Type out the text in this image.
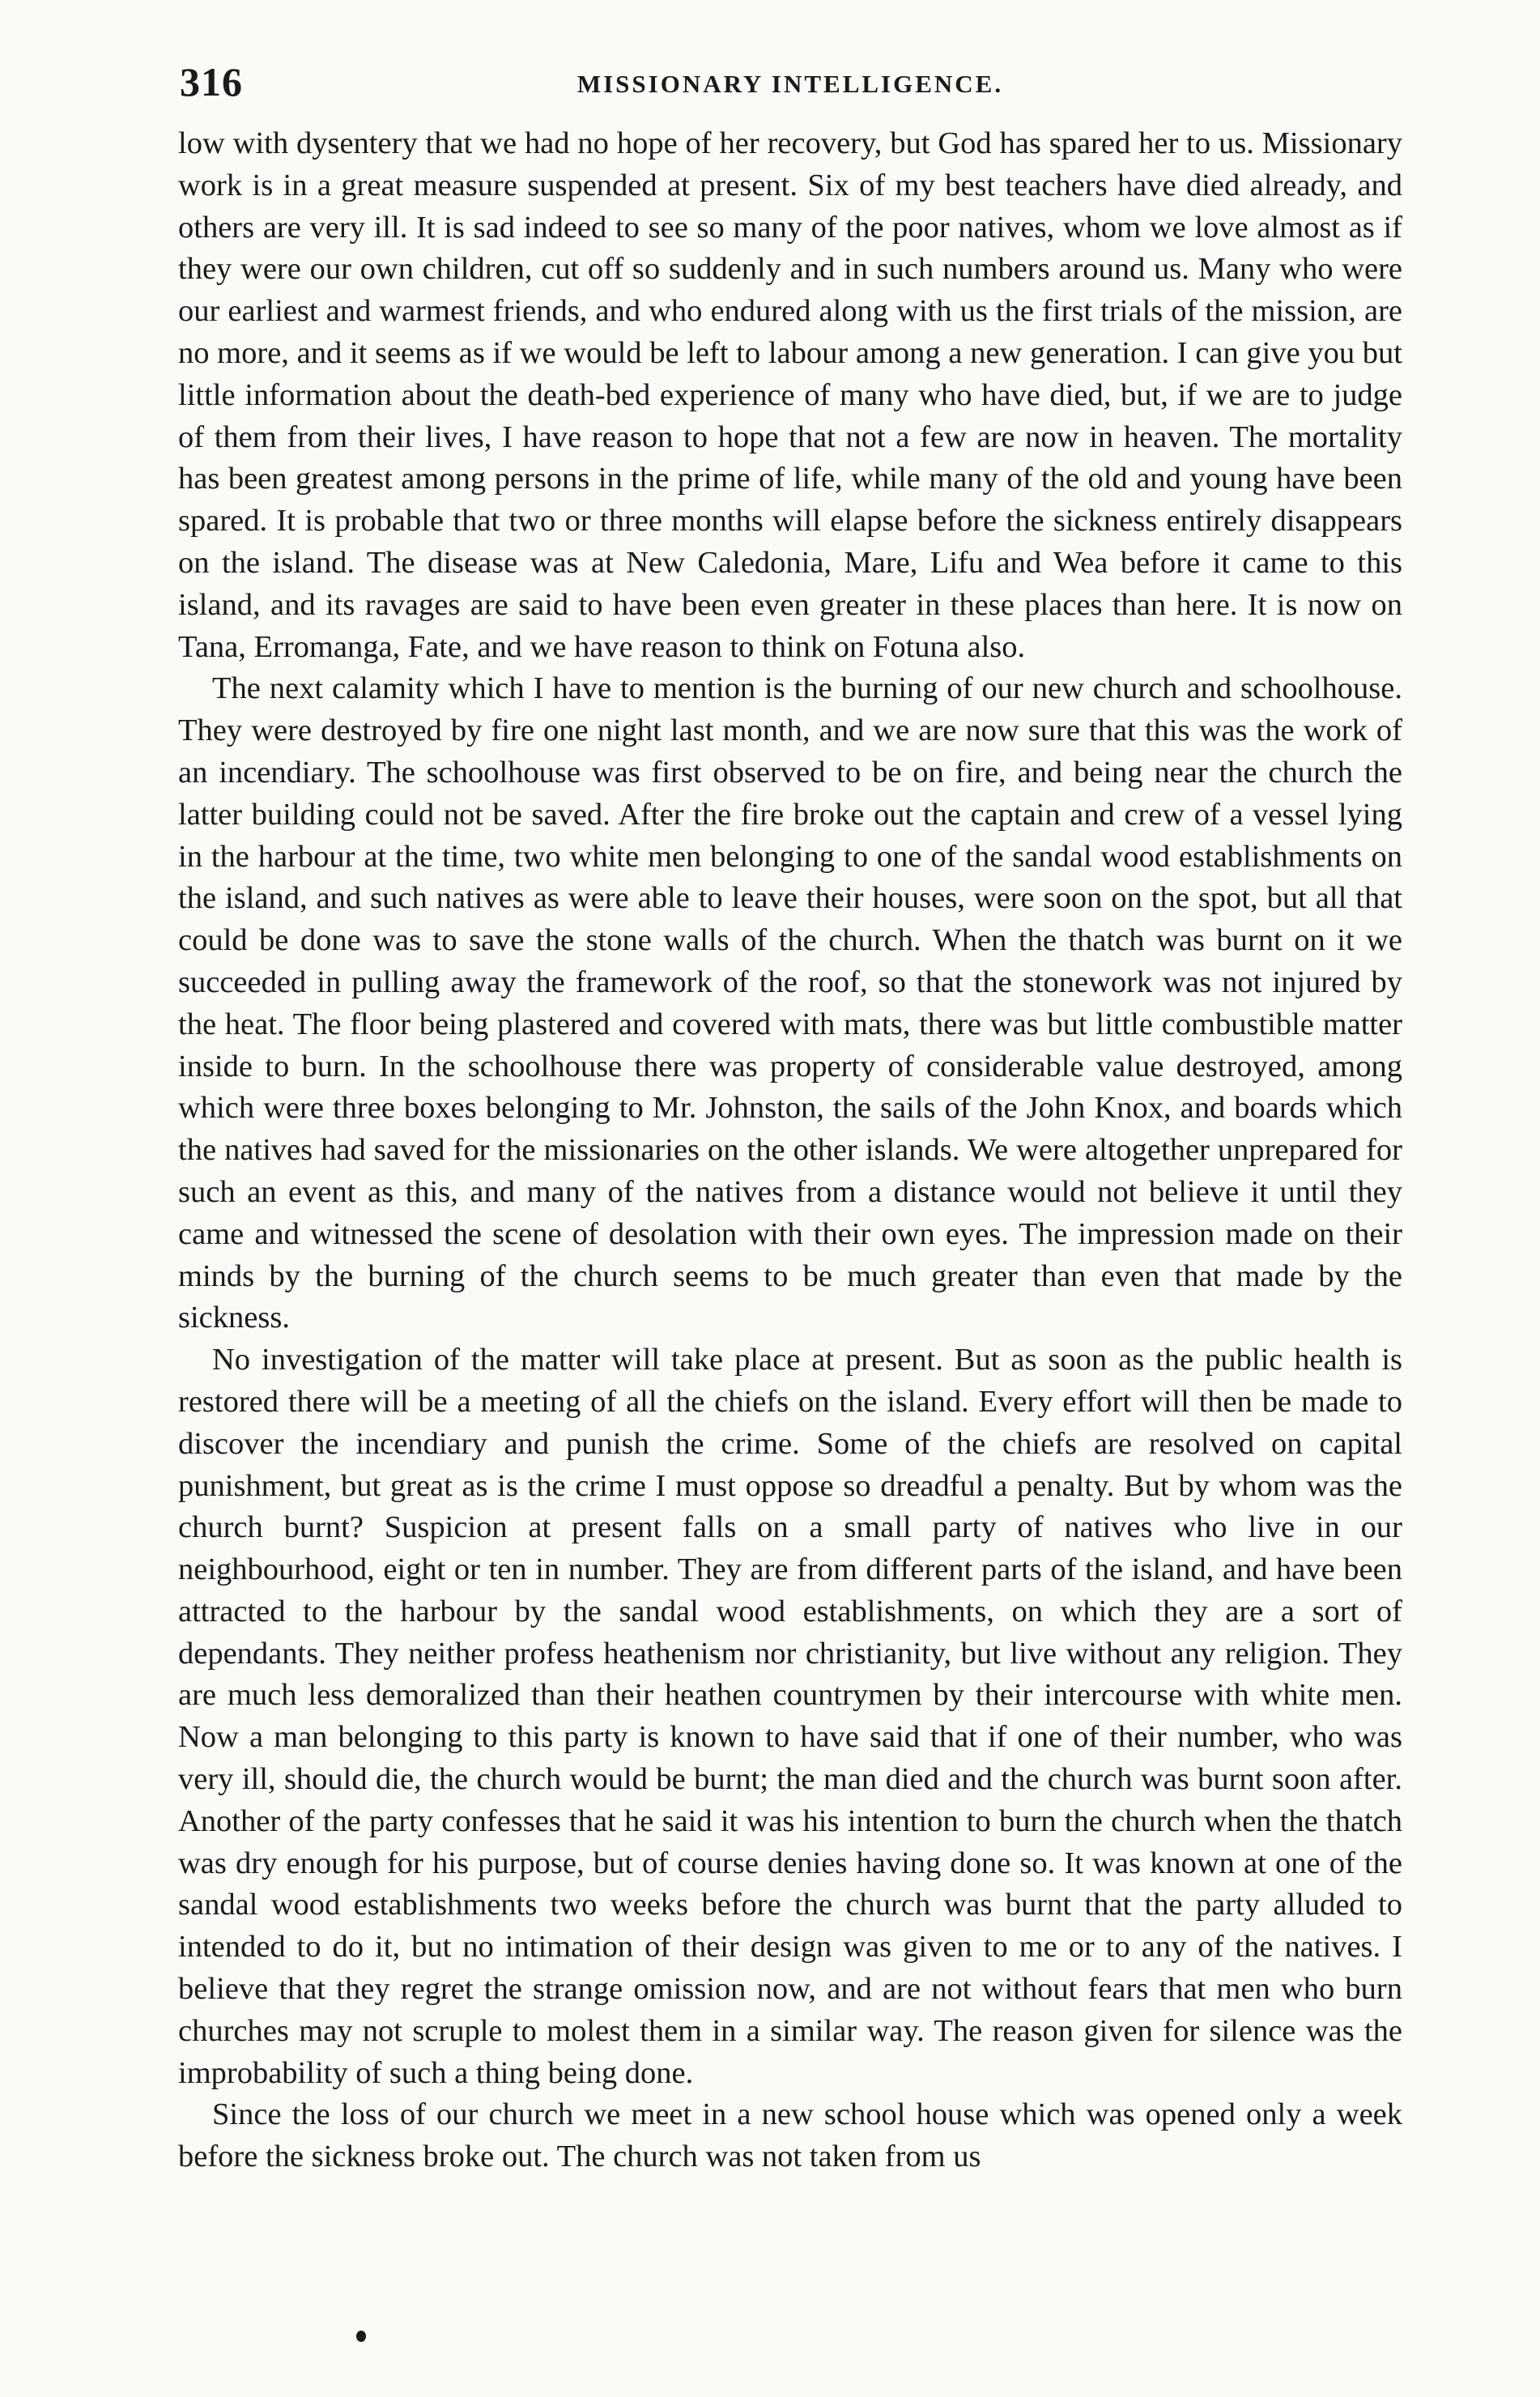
316	MISSIONARY INTELLIGENCE.

low with dysentery that we had no hope of her recovery, but God has spared her to us. Missionary work is in a great measure suspended at present. Six of my best teachers have died already, and others are very ill. It is sad indeed to see so many of the poor natives, whom we love almost as if they were our own children, cut off so suddenly and in such numbers around us. Many who were our earliest and warmest friends, and who endured along with us the first trials of the mission, are no more, and it seems as if we would be left to labour among a new generation. I can give you but little information about the death-bed experience of many who have died, but, if we are to judge of them from their lives, I have reason to hope that not a few are now in heaven. The mortality has been greatest among persons in the prime of life, while many of the old and young have been spared. It is probable that two or three months will elapse before the sickness entirely disappears on the island. The disease was at New Caledonia, Mare, Lifu and Wea before it came to this island, and its ravages are said to have been even greater in these places than here. It is now on Tana, Erromanga, Fate, and we have reason to think on Fotuna also.

The next calamity which I have to mention is the burning of our new church and schoolhouse. They were destroyed by fire one night last month, and we are now sure that this was the work of an incendiary. The schoolhouse was first observed to be on fire, and being near the church the latter building could not be saved. After the fire broke out the captain and crew of a vessel lying in the harbour at the time, two white men belonging to one of the sandal wood establishments on the island, and such natives as were able to leave their houses, were soon on the spot, but all that could be done was to save the stone walls of the church. When the thatch was burnt on it we succeeded in pulling away the framework of the roof, so that the stonework was not injured by the heat. The floor being plastered and covered with mats, there was but little combustible matter inside to burn. In the schoolhouse there was property of considerable value destroyed, among which were three boxes belonging to Mr. Johnston, the sails of the John Knox, and boards which the natives had saved for the missionaries on the other islands. We were altogether unprepared for such an event as this, and many of the natives from a distance would not believe it until they came and witnessed the scene of desolation with their own eyes. The impression made on their minds by the burning of the church seems to be much greater than even that made by the sickness.

No investigation of the matter will take place at present. But as soon as the public health is restored there will be a meeting of all the chiefs on the island. Every effort will then be made to discover the incendiary and punish the crime. Some of the chiefs are resolved on capital punishment, but great as is the crime I must oppose so dreadful a penalty. But by whom was the church burnt? Suspicion at present falls on a small party of natives who live in our neighbourhood, eight or ten in number. They are from different parts of the island, and have been attracted to the harbour by the sandal wood establishments, on which they are a sort of dependants. They neither profess heathenism nor christianity, but live without any religion. They are much less demoralized than their heathen countrymen by their intercourse with white men. Now a man belonging to this party is known to have said that if one of their number, who was very ill, should die, the church would be burnt; the man died and the church was burnt soon after. Another of the party confesses that he said it was his intention to burn the church when the thatch was dry enough for his purpose, but of course denies having done so. It was known at one of the sandal wood establishments two weeks before the church was burnt that the party alluded to intended to do it, but no intimation of their design was given to me or to any of the natives. I believe that they regret the strange omission now, and are not without fears that men who burn churches may not scruple to molest them in a similar way. The reason given for silence was the improbability of such a thing being done.

Since the loss of our church we meet in a new school house which was opened only a week before the sickness broke out. The church was not taken from us
